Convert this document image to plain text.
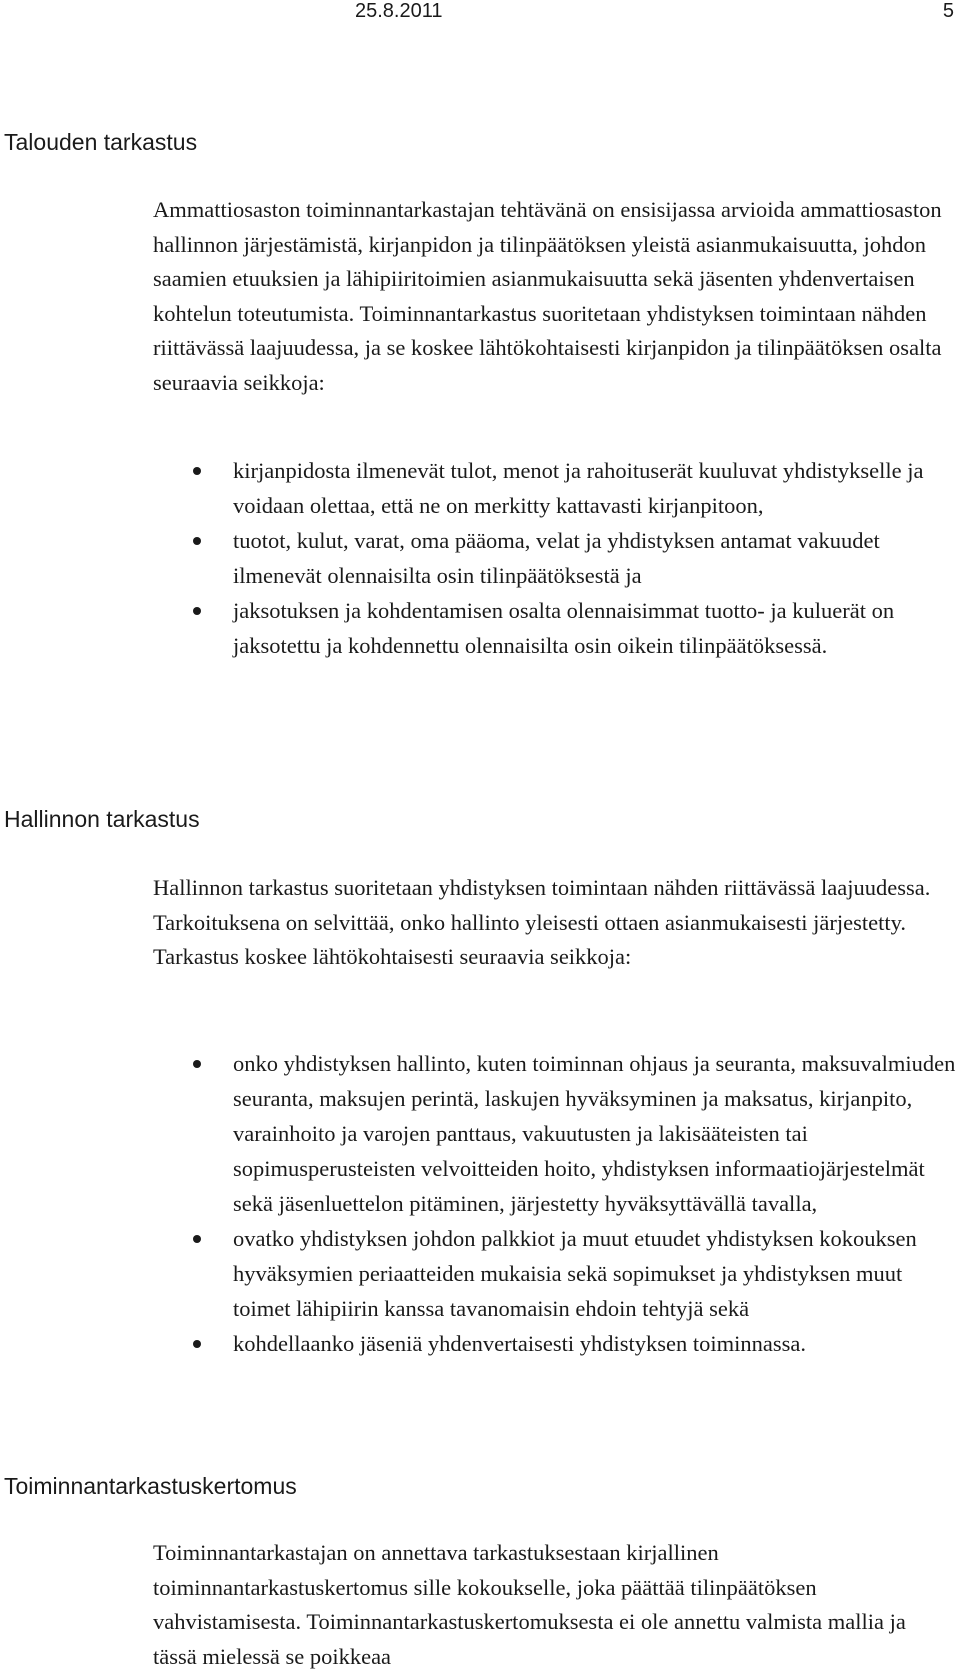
25.8.2011	5
Talouden tarkastus

Ammattiosaston toiminnantarkastajan tehtävänä on ensisijassa arvioida ammattiosaston hallinnon järjestämistä, kirjanpidon ja tilinpäätöksen yleistä asianmukaisuutta, johdon saamien etuuksien ja lähipiiritoimien asianmukaisuutta sekä jäsenten yhdenvertaisen kohtelun toteutumista. Toiminnantarkastus suoritetaan yhdistyksen toimintaan nähden riittävässä laajuudessa, ja se koskee lähtökohtaisesti kirjanpidon ja tilinpäätöksen osalta seuraavia seikkoja:

kirjanpidosta ilmenevät tulot, menot ja rahoituserät kuuluvat yhdistykselle ja voidaan olettaa, että ne on merkitty kattavasti kirjanpitoon,
tuotot, kulut, varat, oma pääoma, velat ja yhdistyksen antamat vakuudet ilmenevät olennaisilta osin tilinpäätöksestä ja
jaksotuksen ja kohdentamisen osalta olennaisimmat tuotto- ja kuluerät on jaksotettu ja kohdennettu olennaisilta osin oikein tilinpäätöksessä.
Hallinnon tarkastus

Hallinnon tarkastus suoritetaan yhdistyksen toimintaan nähden riittävässä laajuudessa. Tarkoituksena on selvittää, onko hallinto yleisesti ottaen asianmukaisesti järjestetty. Tarkastus koskee lähtökohtaisesti seuraavia seikkoja:

onko yhdistyksen hallinto, kuten toiminnan ohjaus ja seuranta, maksuvalmiuden seuranta, maksujen perintä, laskujen hyväksyminen ja maksatus, kirjanpito, varainhoito ja varojen panttaus, vakuutusten ja lakisääteisten tai sopimusperusteisten velvoitteiden hoito, yhdistyksen informaatiojärjestelmät sekä jäsenluettelon pitäminen, järjestetty hyväksyttävällä tavalla,
ovatko yhdistyksen johdon palkkiot ja muut etuudet yhdistyksen kokouksen hyväksymien periaatteiden mukaisia sekä sopimukset ja yhdistyksen muut toimet lähipiirin kanssa tavanomaisin ehdoin tehtyjä sekä
kohdellaanko jäseniä yhdenvertaisesti yhdistyksen toiminnassa.
Toiminnantarkastuskertomus

Toiminnantarkastajan on annettava tarkastuksestaan kirjallinen toiminnantarkastuskertomus sille kokoukselle, joka päättää tilinpäätöksen vahvistamisesta. Toiminnantarkastuskertomuksesta ei ole annettu valmista mallia ja tässä mielessä se poikkeaa
